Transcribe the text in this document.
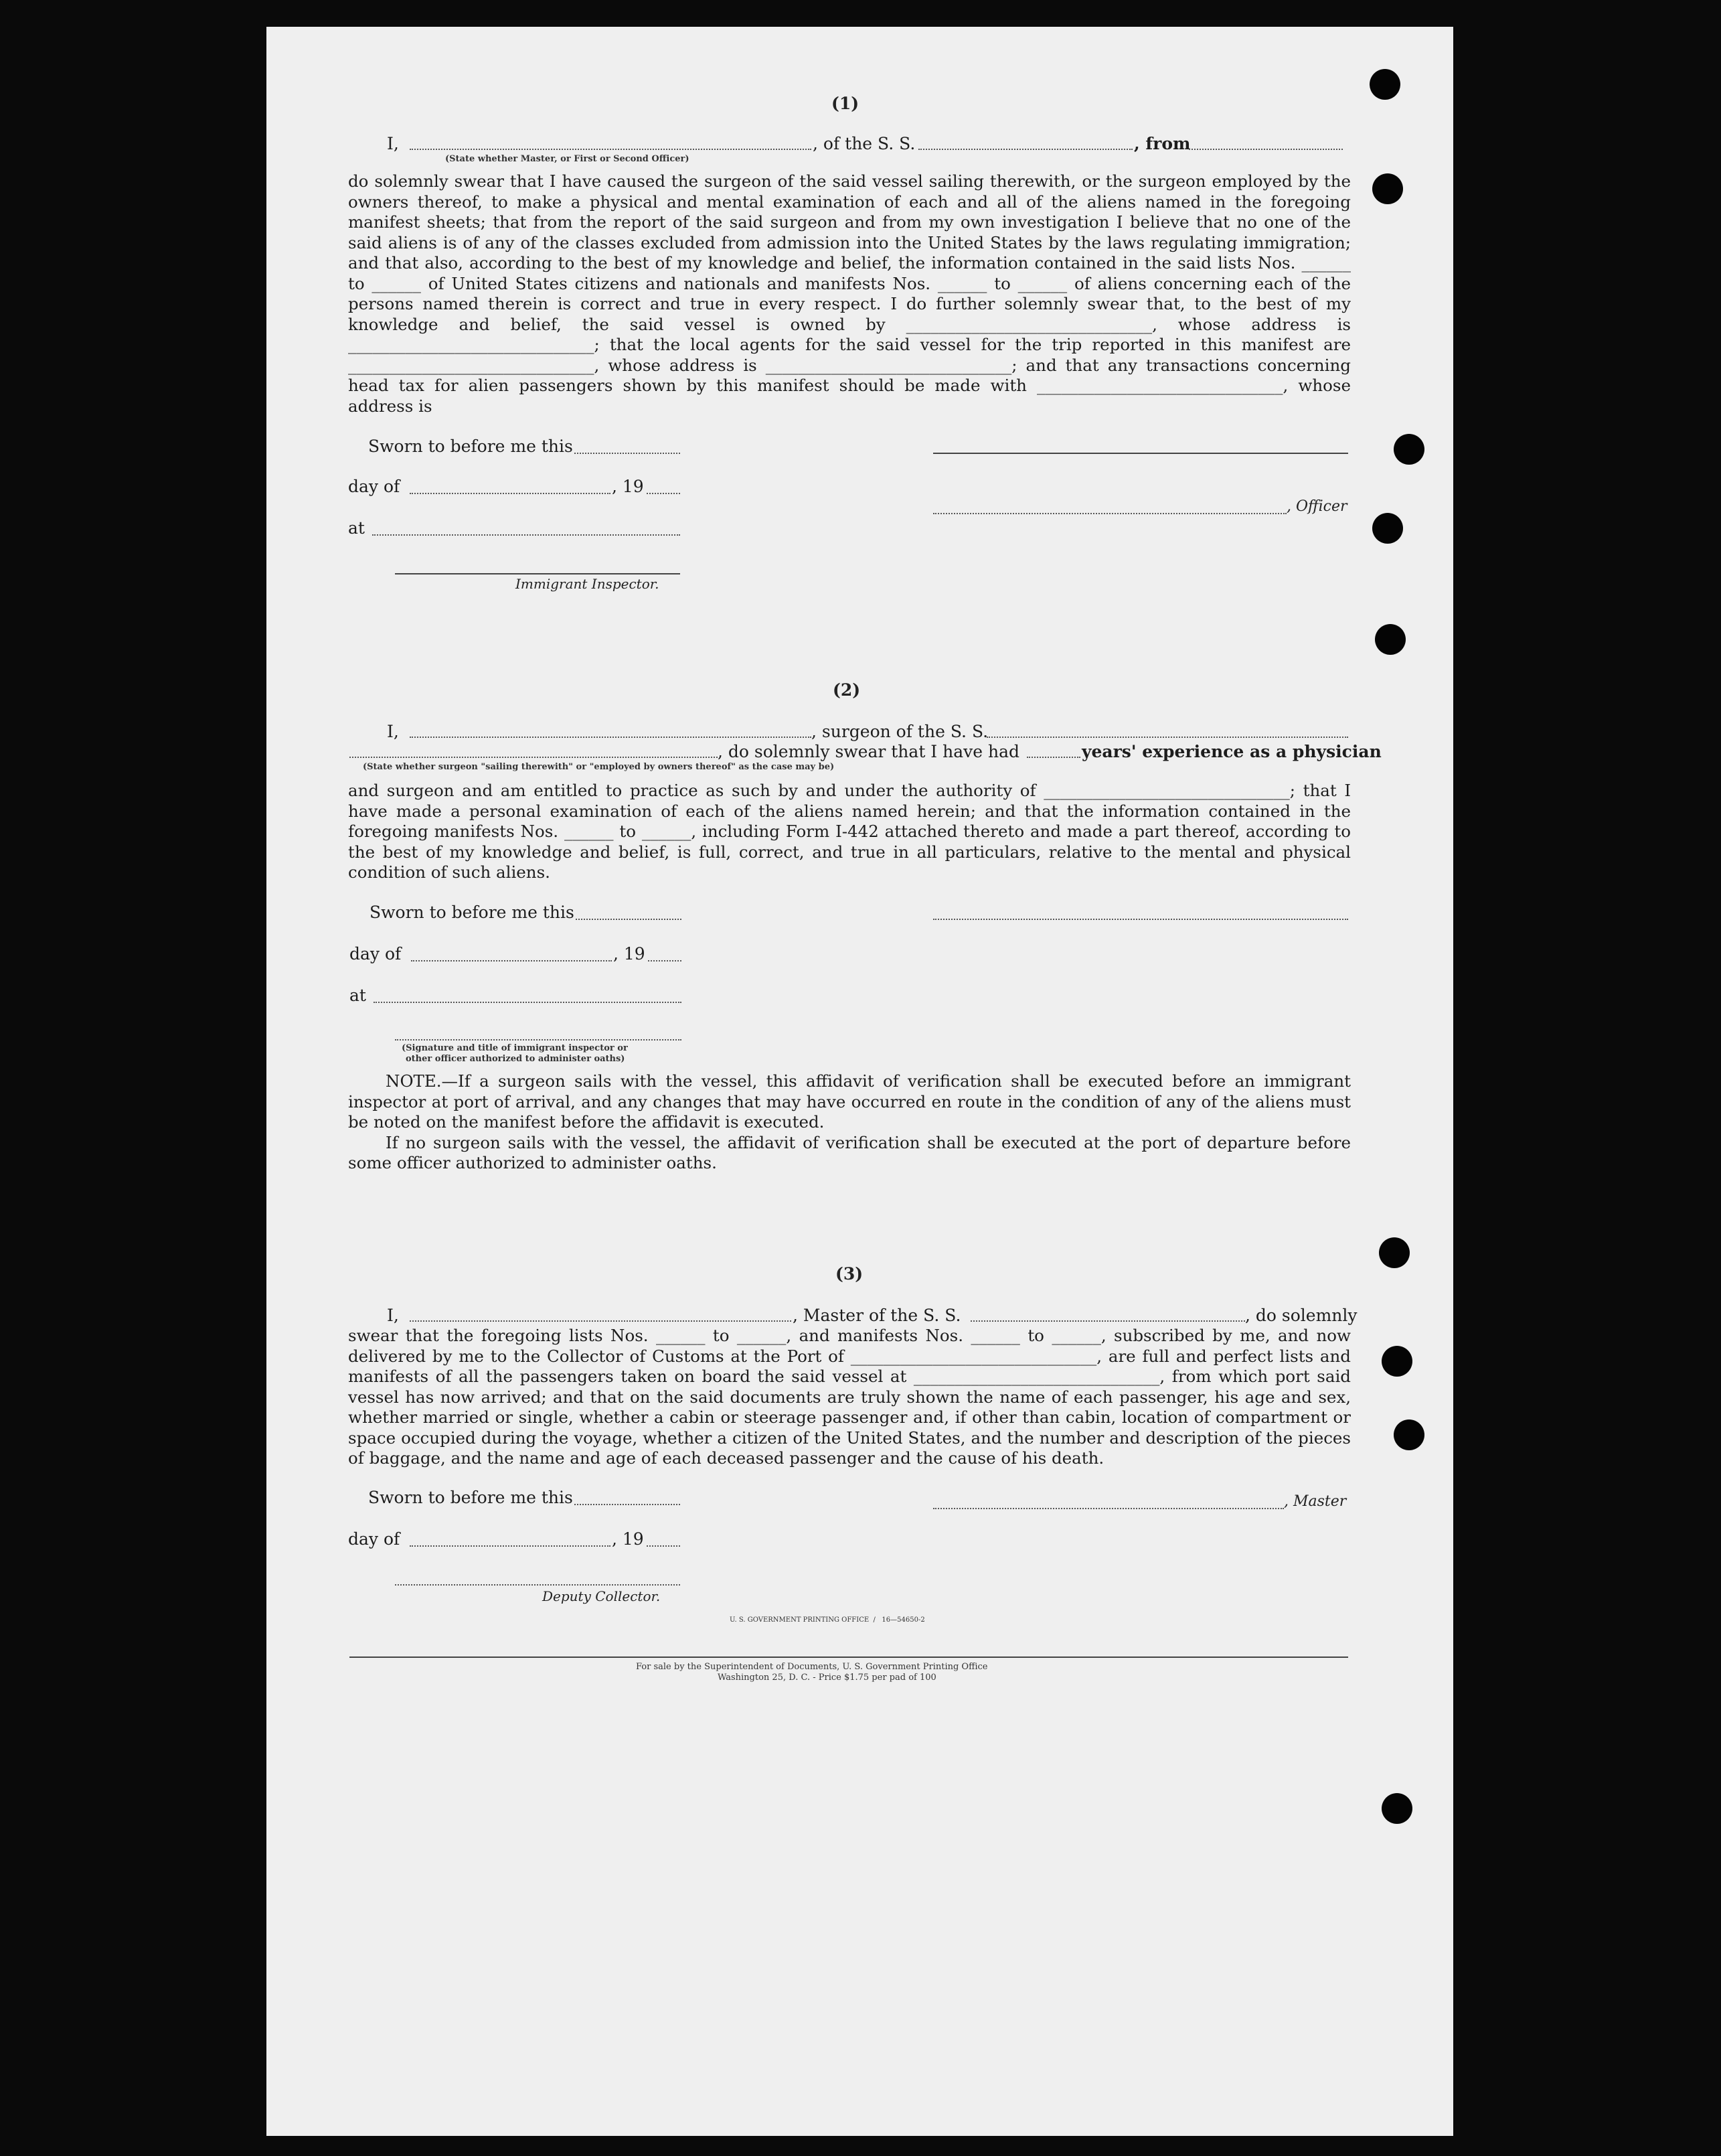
(1)
I,	, of the S. S.	, from
(State whether Master, or First or Second Officer)

do solemnly swear that I have caused the surgeon of the said vessel sailing therewith, or the surgeon employed by the owners thereof, to make a physical and mental examination of each and all of the aliens named in the foregoing manifest sheets; that from the report of the said surgeon and from my own investigation I believe that no one of the said aliens is of any of the classes excluded from admission into the United States by the laws regulating immigration; and that also, according to the best of my knowledge and belief, the information contained in the said lists Nos. ______ to ______ of United States citizens and nationals and manifests Nos. ______ to ______ of aliens concerning each of the persons named therein is correct and true in every respect. I do further solemnly swear that, to the best of my knowledge and belief, the said vessel is owned by ______________________________, whose address is ______________________________; that the local agents for the said vessel for the trip reported in this manifest are ______________________________, whose address is ______________________________; and that any transactions concerning head tax for alien passengers shown by this manifest should be made with ______________________________, whose address is

Sworn to before me this
day of	, 19
, Officer
at
Immigrant Inspector.
(2)
I,	, surgeon of the S. S.
, do solemnly swear that I have had	years' experience as a physician
(State whether surgeon "sailing therewith" or "employed by owners thereof" as the case may be)

and surgeon and am entitled to practice as such by and under the authority of ______________________________; that I have made a personal examination of each of the aliens named herein; and that the information contained in the foregoing manifests Nos. ______ to ______, including Form I-442 attached thereto and made a part thereof, according to the best of my knowledge and belief, is full, correct, and true in all particulars, relative to the mental and physical condition of such aliens.

Sworn to before me this
day of	, 19
at
(Signature and title of immigrant inspector or
other officer authorized to administer oaths)

NOTE.—If a surgeon sails with the vessel, this affidavit of verification shall be executed before an immigrant inspector at port of arrival, and any changes that may have occurred en route in the condition of any of the aliens must be noted on the manifest before the affidavit is executed.

If no surgeon sails with the vessel, the affidavit of verification shall be executed at the port of departure before some officer authorized to administer oaths.

(3)
I,	, Master of the S. S.	, do solemnly

swear that the foregoing lists Nos. ______ to ______, and manifests Nos. ______ to ______, subscribed by me, and now delivered by me to the Collector of Customs at the Port of ______________________________, are full and perfect lists and manifests of all the passengers taken on board the said vessel at ______________________________, from which port said vessel has now arrived; and that on the said documents are truly shown the name of each passenger, his age and sex, whether married or single, whether a cabin or steerage passenger and, if other than cabin, location of compartment or space occupied during the voyage, whether a citizen of the United States, and the number and description of the pieces of baggage, and the name and age of each deceased passenger and the cause of his death.

Sworn to before me this	, Master
day of	, 19
Deputy Collector.
U. S. GOVERNMENT PRINTING OFFICE  /   16—54650-2
For sale by the Superintendent of Documents, U. S. Government Printing Office
Washington 25, D. C. - Price $1.75 per pad of 100
